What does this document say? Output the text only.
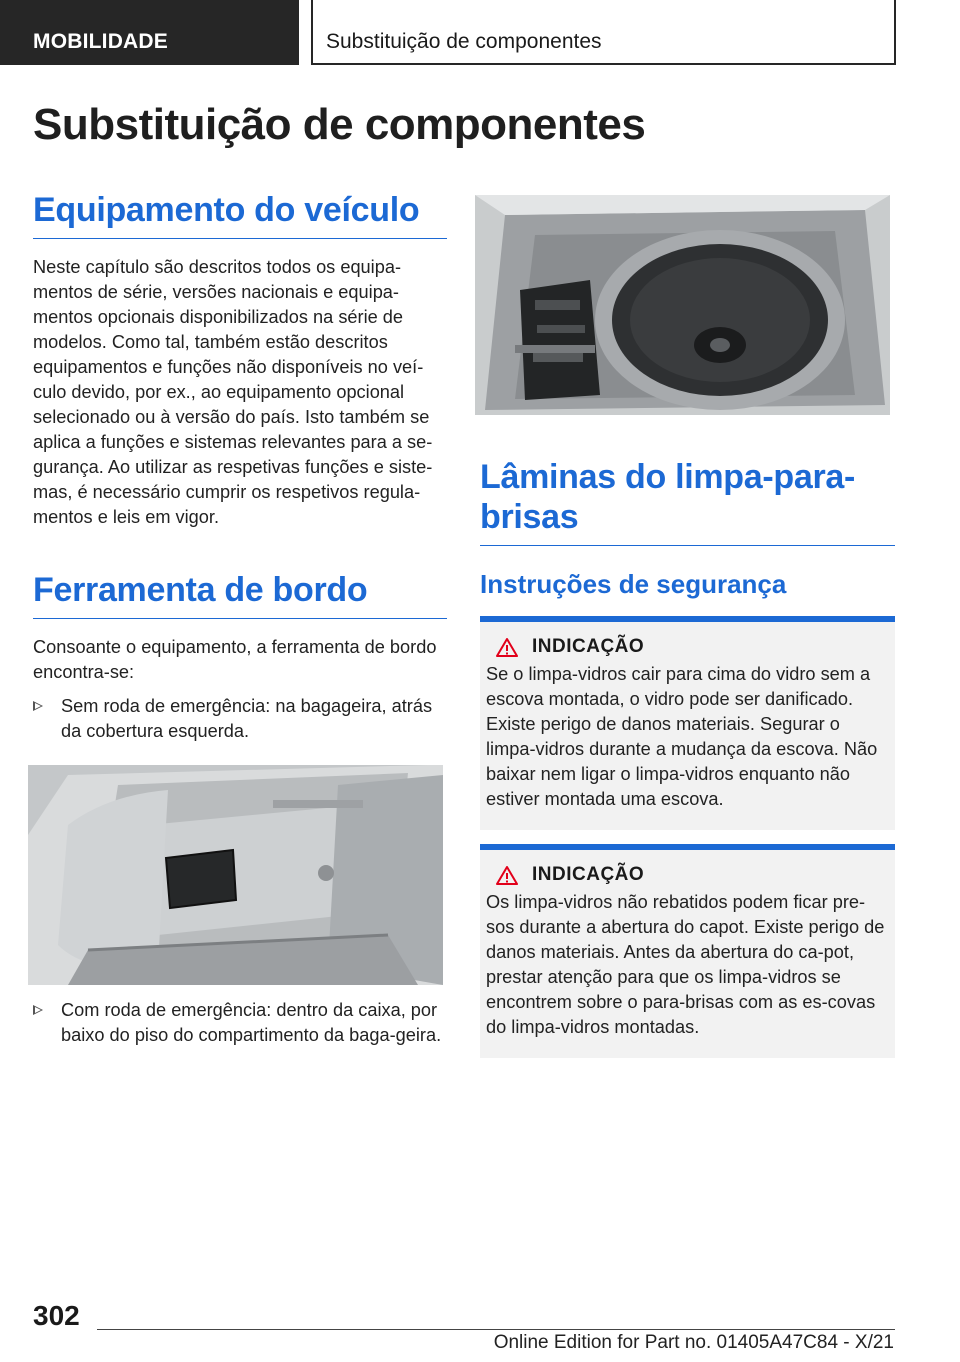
MOBILIDADE	Substituição de componentes
Substituição de componentes
Equipamento do veículo

Neste capítulo são descritos todos os equipa-mentos de série, versões nacionais e equipa-mentos opcionais disponibilizados na série de modelos. Como tal, também estão descritos equipamentos e funções não disponíveis no veí-culo devido, por ex., ao equipamento opcional selecionado ou à versão do país. Isto também se aplica a funções e sistemas relevantes para a se-gurança. Ao utilizar as respetivas funções e siste-mas, é necessário cumprir os respetivos regula-mentos e leis em vigor.

Ferramenta de bordo

Consoante o equipamento, a ferramenta de bordo encontra-se:

Sem roda de emergência: na bagageira, atrás da cobertura esquerda.
Com roda de emergência: dentro da caixa, por baixo do piso do compartimento da baga-geira.
Lâminas do limpa-para-brisas
Instruções de segurança
INDICAÇÃO

Se o limpa-vidros cair para cima do vidro sem a escova montada, o vidro pode ser danificado. Existe perigo de danos materiais. Segurar o limpa-vidros durante a mudança da escova. Não baixar nem ligar o limpa-vidros enquanto não estiver montada uma escova.

INDICAÇÃO

Os limpa-vidros não rebatidos podem ficar pre-sos durante a abertura do capot. Existe perigo de danos materiais. Antes da abertura do ca-pot, prestar atenção para que os limpa-vidros se encontrem sobre o para-brisas com as es-covas do limpa-vidros montadas.

302
Online Edition for Part no. 01405A47C84 - X/21
